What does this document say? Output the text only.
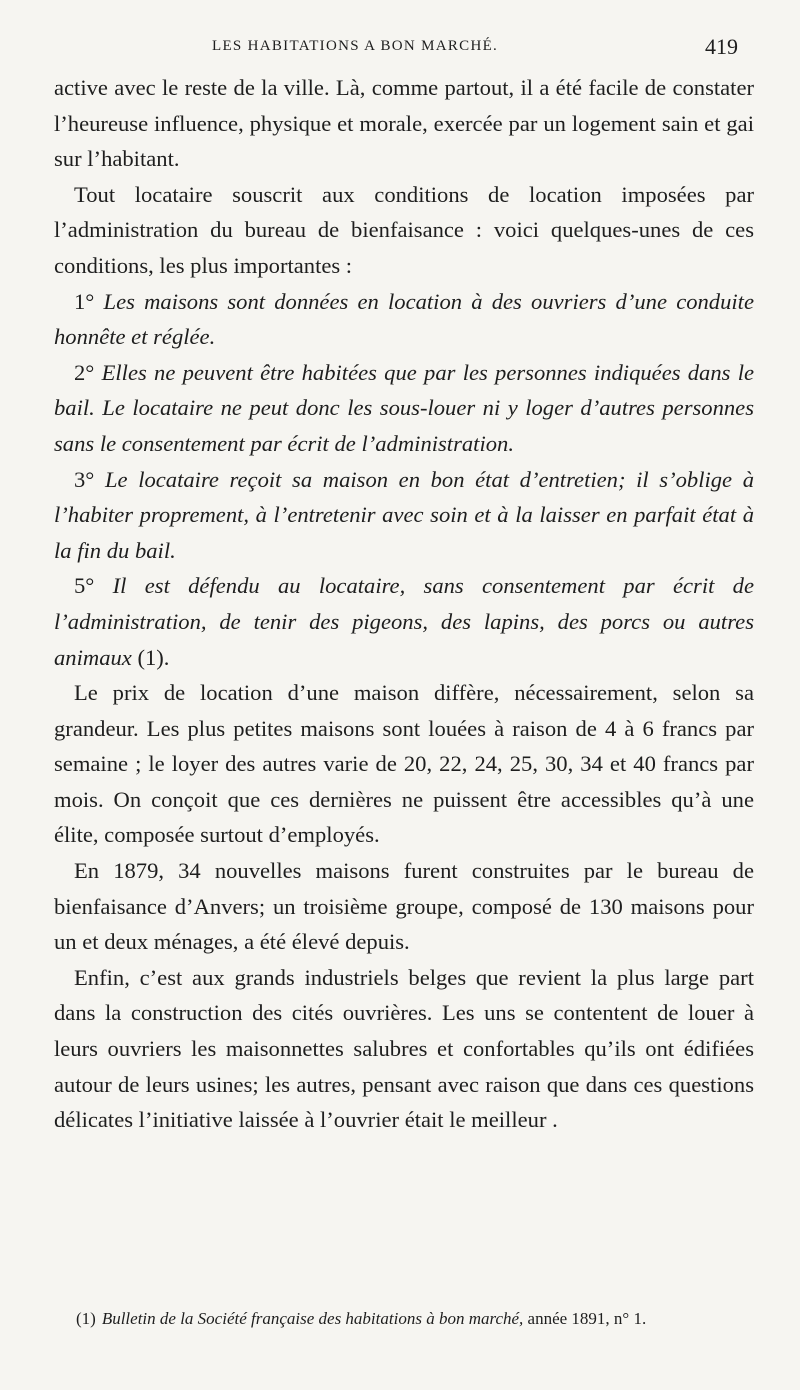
LES HABITATIONS A BON MARCHÉ.	419

active avec le reste de la ville. Là, comme partout, il a été facile de constater l’heureuse influence, physique et morale, exercée par un logement sain et gai sur l’habitant.

Tout locataire souscrit aux conditions de location imposées par l’administration du bureau de bienfaisance : voici quelques-unes de ces conditions, les plus importantes :

1° Les maisons sont données en location à des ouvriers d’une conduite honnête et réglée.

2° Elles ne peuvent être habitées que par les personnes indiquées dans le bail. Le locataire ne peut donc les sous-louer ni y loger d’autres personnes sans le consentement par écrit de l’administration.

3° Le locataire reçoit sa maison en bon état d’entretien; il s’oblige à l’habiter proprement, à l’entretenir avec soin et à la laisser en parfait état à la fin du bail.

5° Il est défendu au locataire, sans consentement par écrit de l’administration, de tenir des pigeons, des lapins, des porcs ou autres animaux (1).

Le prix de location d’une maison diffère, nécessairement, selon sa grandeur. Les plus petites maisons sont louées à raison de 4 à 6 francs par semaine ; le loyer des autres varie de 20, 22, 24, 25, 30, 34 et 40 francs par mois. On conçoit que ces dernières ne puissent être accessibles qu’à une élite, composée surtout d’employés.

En 1879, 34 nouvelles maisons furent construites par le bureau de bienfaisance d’Anvers; un troisième groupe, composé de 130 maisons pour un et deux ménages, a été élevé depuis.

Enfin, c’est aux grands industriels belges que revient la plus large part dans la construction des cités ouvrières. Les uns se contentent de louer à leurs ouvriers les maisonnettes salubres et confortables qu’ils ont édifiées autour de leurs usines; les autres, pensant avec raison que dans ces questions délicates l’initiative laissée à l’ouvrier était le meilleur .

(1) Bulletin de la Société française des habitations à bon marché, année 1891, n° 1.
